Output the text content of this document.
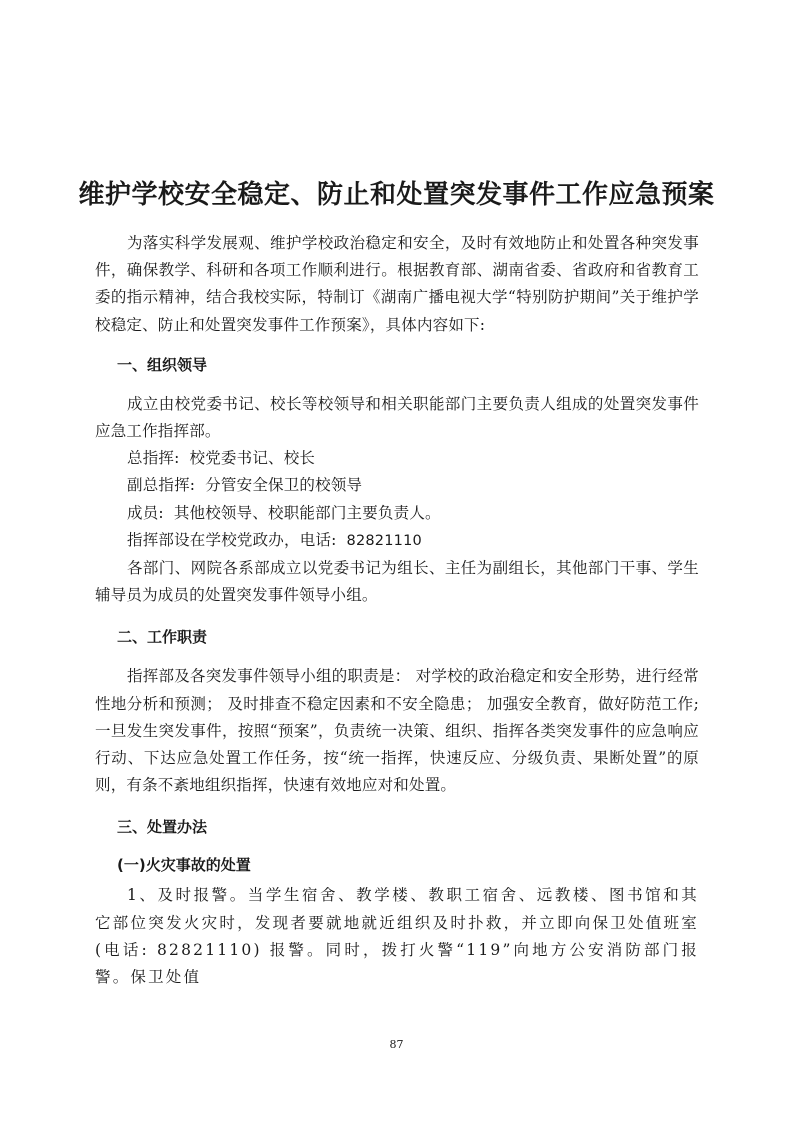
维护学校安全稳定、防止和处置突发事件工作应急预案

为落实科学发展观、维护学校政治稳定和安全，及时有效地防止和处置各种突发事件，确保教学、科研和各项工作顺利进行。根据教育部、湖南省委、省政府和省教育工委的指示精神，结合我校实际，特制订《湖南广播电视大学“特别防护期间”关于维护学校稳定、防止和处置突发事件工作预案》，具体内容如下:

一、组织领导

成立由校党委书记、校长等校领导和相关职能部门主要负责人组成的处置突发事件应急工作指挥部。

总指挥: 校党委书记、校长

副总指挥: 分管安全保卫的校领导

成员: 其他校领导、校职能部门主要负责人。

指挥部设在学校党政办，电话: 82821110

各部门、网院各系部成立以党委书记为组长、主任为副组长，其他部门干事、学生辅导员为成员的处置突发事件领导小组。

二、工作职责

指挥部及各突发事件领导小组的职责是： 对学校的政治稳定和安全形势，进行经常性地分析和预测； 及时排查不稳定因素和不安全隐患； 加强安全教育，做好防范工作;一旦发生突发事件，按照“预案”，负责统一决策、组织、指挥各类突发事件的应急响应行动、下达应急处置工作任务，按“统一指挥，快速反应、分级负责、果断处置”的原则，有条不紊地组织指挥，快速有效地应对和处置。

三、处置办法
(一)火灾事故的处置

1、及时报警。当学生宿舍、教学楼、教职工宿舍、远教楼、图书馆和其它部位突发火灾时，发现者要就地就近组织及时扑救，并立即向保卫处值班室(电话: 82821110) 报警。同时，拨打火警“119”向地方公安消防部门报警。保卫处值

87
